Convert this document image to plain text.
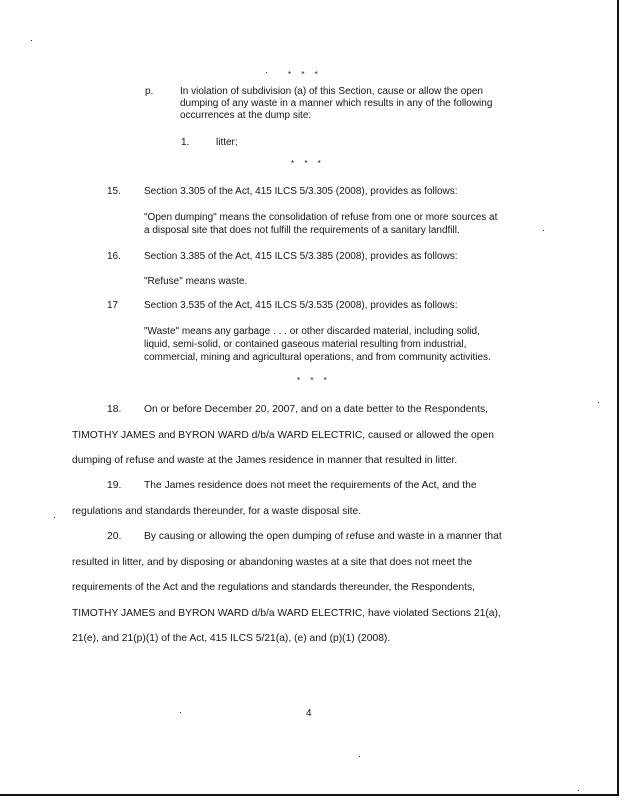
* * *
p.	In violation of subdivision (a) of this Section, cause or allow the open
dumping of any waste in a manner which results in any of the following
occurrences at the dump site:
1.	litter;
* * *
15. Section 3.305 of the Act, 415 ILCS 5/3.305 (2008), provides as follows:
"Open dumping" means the consolidation of refuse from one or more sources at
a disposal site that does not fulfill the requirements of a sanitary landfill.
16. Section 3.385 of the Act, 415 ILCS 5/3.385 (2008), provides as follows:
"Refuse" means waste.
17	Section 3.535 of the Act, 415 ILCS 5/3.535 (2008), provides as follows:
"Waste" means any garbage . . . or other discarded material, including solid,
liquid, semi-solid, or contained gaseous material resulting from industrial,
commercial, mining and agricultural operations, and from community activities.
* * *
18. On or before December 20, 2007, and on a date better to the Respondents,
TIMOTHY JAMES and BYRON WARD d/b/a WARD ELECTRIC, caused or allowed the open
dumping of refuse and waste at the James residence in manner that resulted in litter.
19. The James residence does not meet the requirements of the Act, and the
regulations and standards thereunder, for a waste disposal site.
20. By causing or allowing the open dumping of refuse and waste in a manner that
resulted in litter, and by disposing or abandoning wastes at a site that does not meet the
requirements of the Act and the regulations and standards thereunder, the Respondents,
TIMOTHY JAMES and BYRON WARD d/b/a WARD ELECTRIC, have violated Sections 21(a),
21(e), and 21(p)(1) of the Act, 415 ILCS 5/21(a), (e) and (p)(1) (2008).
4
